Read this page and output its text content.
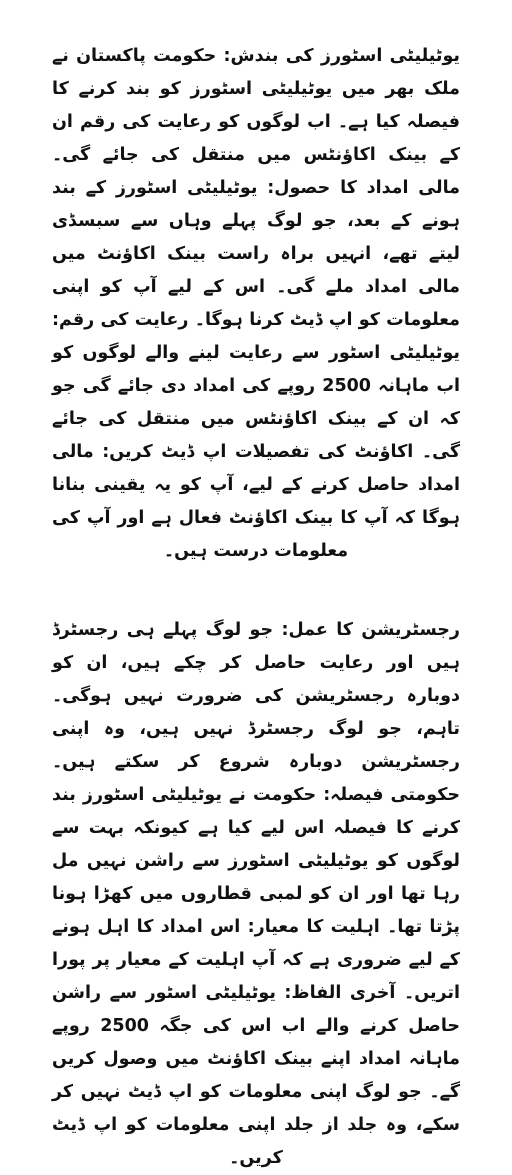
یوٹیلیٹی اسٹورز کی بندش: حکومت پاکستان نے ملک بھر میں یوٹیلیٹی اسٹورز کو بند کرنے کا فیصلہ کیا ہے۔ اب لوگوں کو رعایت کی رقم ان کے بینک اکاؤنٹس میں منتقل کی جائے گی۔ مالی امداد کا حصول: یوٹیلیٹی اسٹورز کے بند ہونے کے بعد، جو لوگ پہلے وہاں سے سبسڈی لیتے تھے، انہیں براہ راست بینک اکاؤنٹ میں مالی امداد ملے گی۔ اس کے لیے آپ کو اپنی معلومات کو اپ ڈیٹ کرنا ہوگا۔ رعایت کی رقم: یوٹیلیٹی اسٹور سے رعایت لینے والے لوگوں کو اب ماہانہ 2500 روپے کی امداد دی جائے گی جو کہ ان کے بینک اکاؤنٹس میں منتقل کی جائے گی۔ اکاؤنٹ کی تفصیلات اپ ڈیٹ کریں: مالی امداد حاصل کرنے کے لیے، آپ کو یہ یقینی بنانا ہوگا کہ آپ کا بینک اکاؤنٹ فعال ہے اور آپ کی معلومات درست ہیں۔

رجسٹریشن کا عمل: جو لوگ پہلے ہی رجسٹرڈ ہیں اور رعایت حاصل کر چکے ہیں، ان کو دوبارہ رجسٹریشن کی ضرورت نہیں ہوگی۔ تاہم، جو لوگ رجسٹرڈ نہیں ہیں، وہ اپنی رجسٹریشن دوبارہ شروع کر سکتے ہیں۔ حکومتی فیصلہ: حکومت نے یوٹیلیٹی اسٹورز بند کرنے کا فیصلہ اس لیے کیا ہے کیونکہ بہت سے لوگوں کو یوٹیلیٹی اسٹورز سے راشن نہیں مل رہا تھا اور ان کو لمبی قطاروں میں کھڑا ہونا پڑتا تھا۔ اہلیت کا معیار: اس امداد کا اہل ہونے کے لیے ضروری ہے کہ آپ اہلیت کے معیار پر پورا اتریں۔ آخری الفاظ: یوٹیلیٹی اسٹور سے راشن حاصل کرنے والے اب اس کی جگہ 2500 روپے ماہانہ امداد اپنے بینک اکاؤنٹ میں وصول کریں گے۔ جو لوگ اپنی معلومات کو اپ ڈیٹ نہیں کر سکے، وہ جلد از جلد اپنی معلومات کو اپ ڈیٹ کریں۔
